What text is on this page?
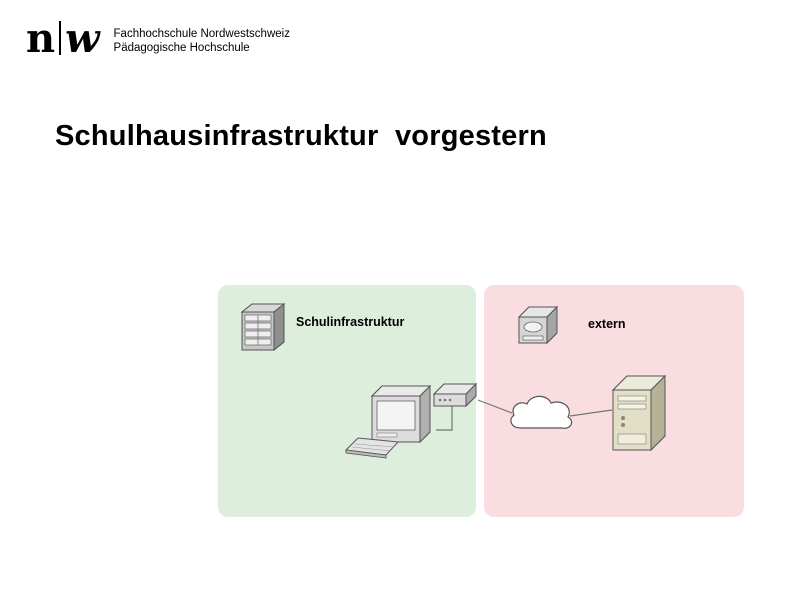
n w Fachhochschule Nordwestschweiz
Pädagogische Hochschule
Schulhausinfrastruktur  vorgestern
Schulinfrastruktur	extern
